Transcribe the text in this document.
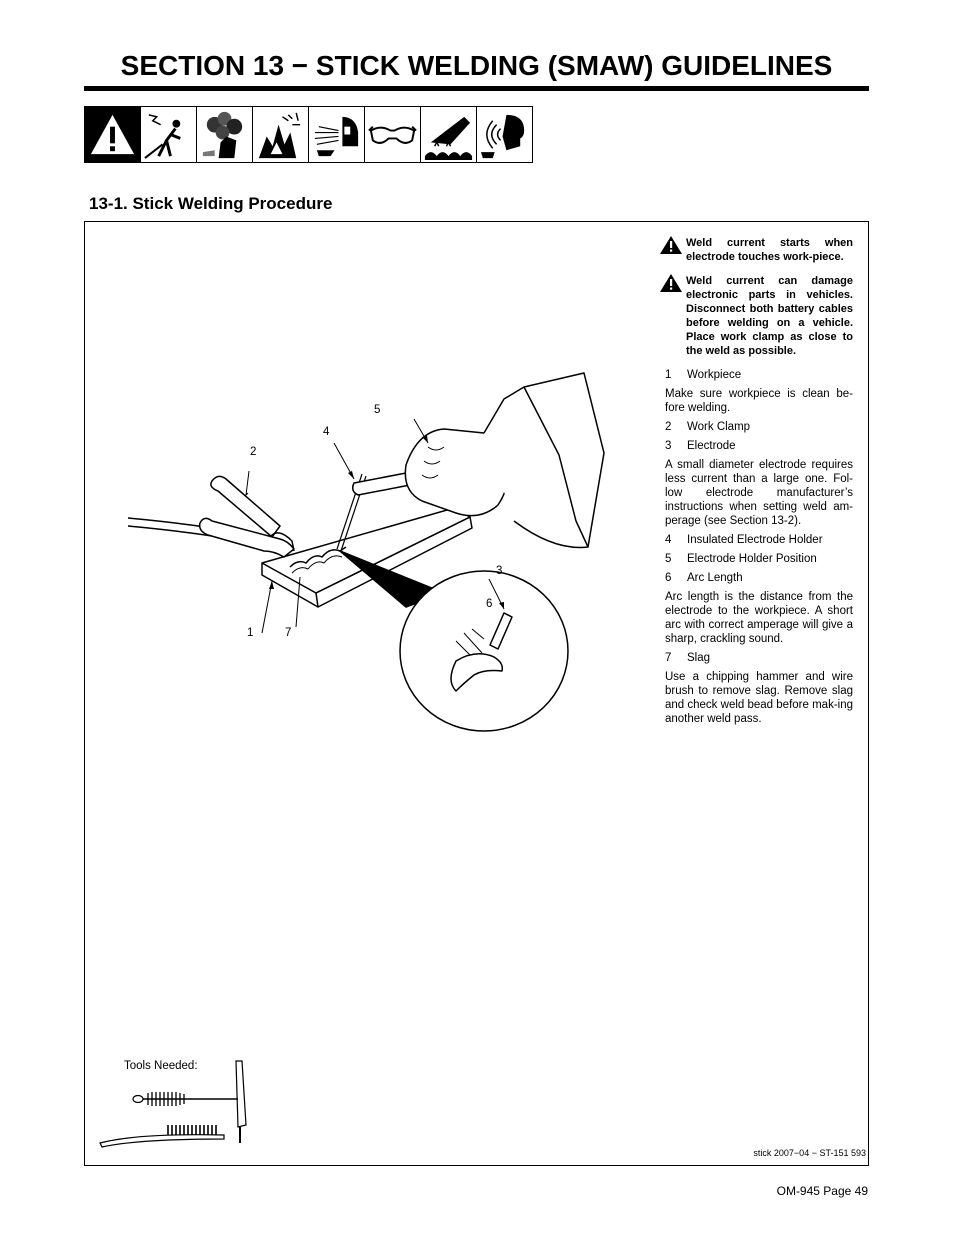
SECTION 13 − STICK WELDING (SMAW) GUIDELINES
13-1. Stick Welding Procedure
2
4
5
3
6
1	7
Weld current starts when electrode touches work-piece.
Weld current can damage electronic parts in vehicles. Disconnect both battery cables before welding on a vehicle. Place work clamp as close to the weld as possible.
1	Workpiece

Make sure workpiece is clean be-fore welding.

2	Work Clamp
3	Electrode

A small diameter electrode requires less current than a large one. Fol-low electrode manufacturer’s instructions when setting weld am-perage (see Section 13-2).

4	Insulated Electrode Holder
5	Electrode Holder Position
6	Arc Length

Arc length is the distance from the electrode to the workpiece. A short arc with correct amperage will give a sharp, crackling sound.

7	Slag

Use a chipping hammer and wire brush to remove slag. Remove slag and check weld bead before mak-ing another weld pass.

Tools Needed:
stick 2007−04 − ST-151 593
OM-945 Page 49
